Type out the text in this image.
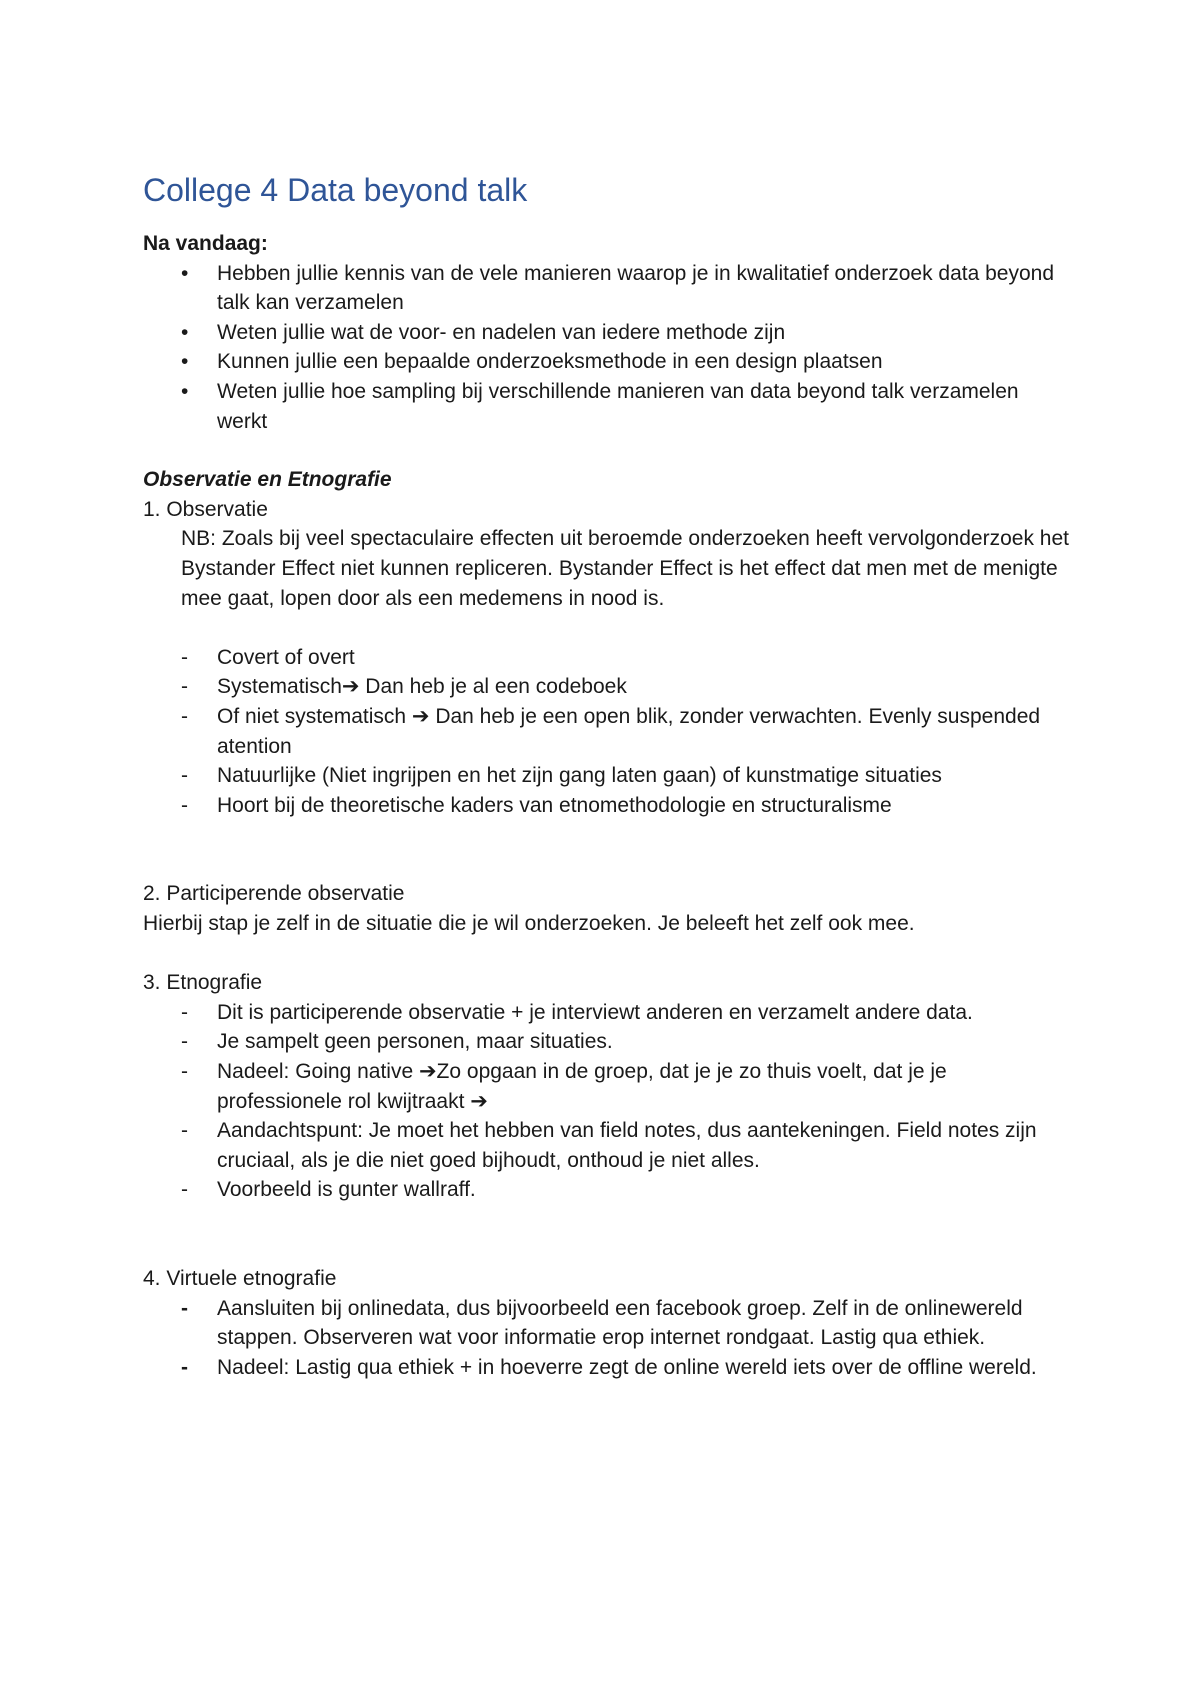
College 4 Data beyond talk
Na vandaag:
• Hebben jullie kennis van de vele manieren waarop je in kwalitatief onderzoek data beyond talk kan verzamelen
• Weten jullie wat de voor- en nadelen van iedere methode zijn
• Kunnen jullie een bepaalde onderzoeksmethode in een design plaatsen
• Weten jullie hoe sampling bij verschillende manieren van data beyond talk verzamelen werkt
Observatie en Etnografie
1. Observatie

NB: Zoals bij veel spectaculaire effecten uit beroemde onderzoeken heeft vervolgonderzoek het Bystander Effect niet kunnen repliceren. Bystander Effect is het effect dat men met de menigte mee gaat, lopen door als een medemens in nood is.

- Covert of overt
- Systematisch➔ Dan heb je al een codeboek
- Of niet systematisch ➔ Dan heb je een open blik, zonder verwachten. Evenly suspended atention
- Natuurlijke (Niet ingrijpen en het zijn gang laten gaan) of kunstmatige situaties
- Hoort bij de theoretische kaders van etnomethodologie en structuralisme
2. Participerende observatie

Hierbij stap je zelf in de situatie die je wil onderzoeken. Je beleeft het zelf ook mee.

3. Etnografie
- Dit is participerende observatie + je interviewt anderen en verzamelt andere data.
- Je sampelt geen personen, maar situaties.
- Nadeel: Going native ➔Zo opgaan in de groep, dat je je zo thuis voelt, dat je je professionele rol kwijtraakt ➔
- Aandachtspunt: Je moet het hebben van field notes, dus aantekeningen. Field notes zijn cruciaal, als je die niet goed bijhoudt, onthoud je niet alles.
- Voorbeeld is gunter wallraff.
4. Virtuele etnografie
- Aansluiten bij onlinedata, dus bijvoorbeeld een facebook groep. Zelf in de onlinewereld stappen. Observeren wat voor informatie erop internet rondgaat. Lastig qua ethiek.
- Nadeel: Lastig qua ethiek + in hoeverre zegt de online wereld iets over de offline wereld.
